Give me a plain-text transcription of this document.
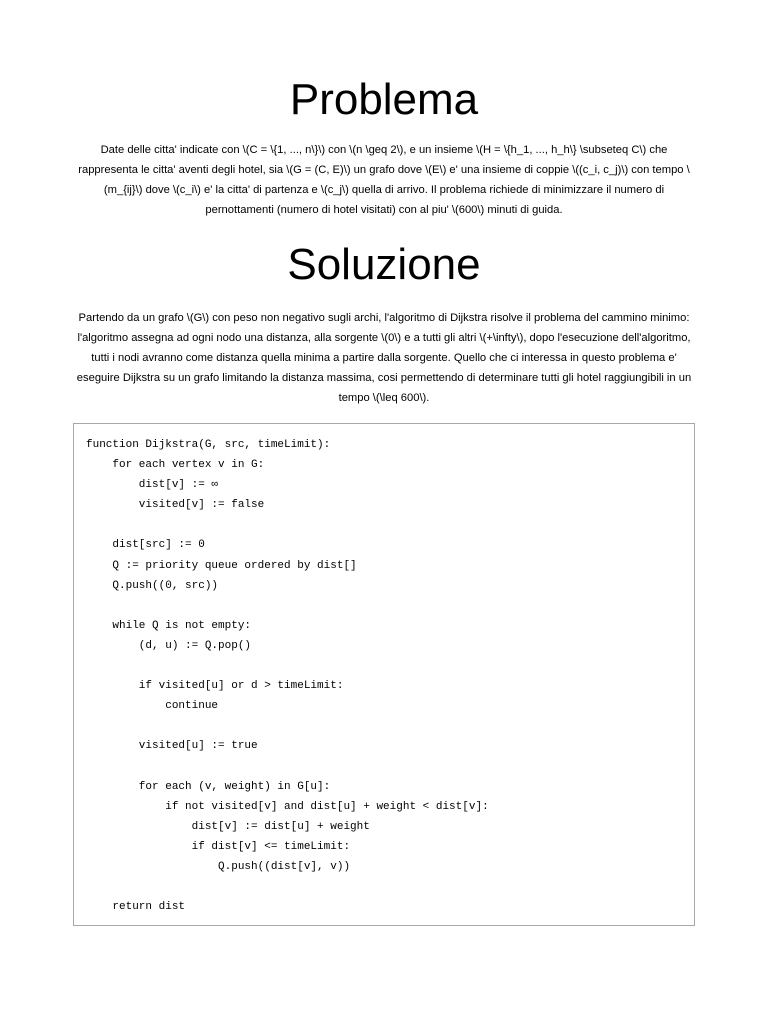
Problema

Date delle citta' indicate con \(C = \{1, ..., n\}\) con \(n \geq 2\), e un insieme \(H = \{h_1, ..., h_h\} \subseteq C\) che rappresenta le citta' aventi degli hotel, sia \(G = (C, E)\) un grafo dove \(E\) e' una insieme di coppie \((c_i, c_j)\) con tempo \(m_{ij}\) dove \(c_i\) e' la citta' di partenza e \(c_j\) quella di arrivo. Il problema richiede di minimizzare il numero di pernottamenti (numero di hotel visitati) con al piu' \(600\) minuti di guida.

Soluzione

Partendo da un grafo \(G\) con peso non negativo sugli archi, l'algoritmo di Dijkstra risolve il problema del cammino minimo: l'algoritmo assegna ad ogni nodo una distanza, alla sorgente \(0\) e a tutti gli altri \(+\infty\), dopo l'esecuzione dell'algoritmo, tutti i nodi avranno come distanza quella minima a partire dalla sorgente. Quello che ci interessa in questo problema e' eseguire Dijkstra su un grafo limitando la distanza massima, cosi permettendo di determinare tutti gli hotel raggiungibili in un tempo \(\leq 600\).

function Dijkstra(G, src, timeLimit):
for each vertex v in G:
dist[v] := ∞
visited[v] := false

dist[src] := 0
Q := priority queue ordered by dist[]
Q.push((0, src))

while Q is not empty:
(d, u) := Q.pop()

if visited[u] or d > timeLimit:
continue

visited[u] := true

for each (v, weight) in G[u]:
if not visited[v] and dist[u] + weight < dist[v]:
dist[v] := dist[u] + weight
if dist[v] <= timeLimit:
Q.push((dist[v], v))

return dist
